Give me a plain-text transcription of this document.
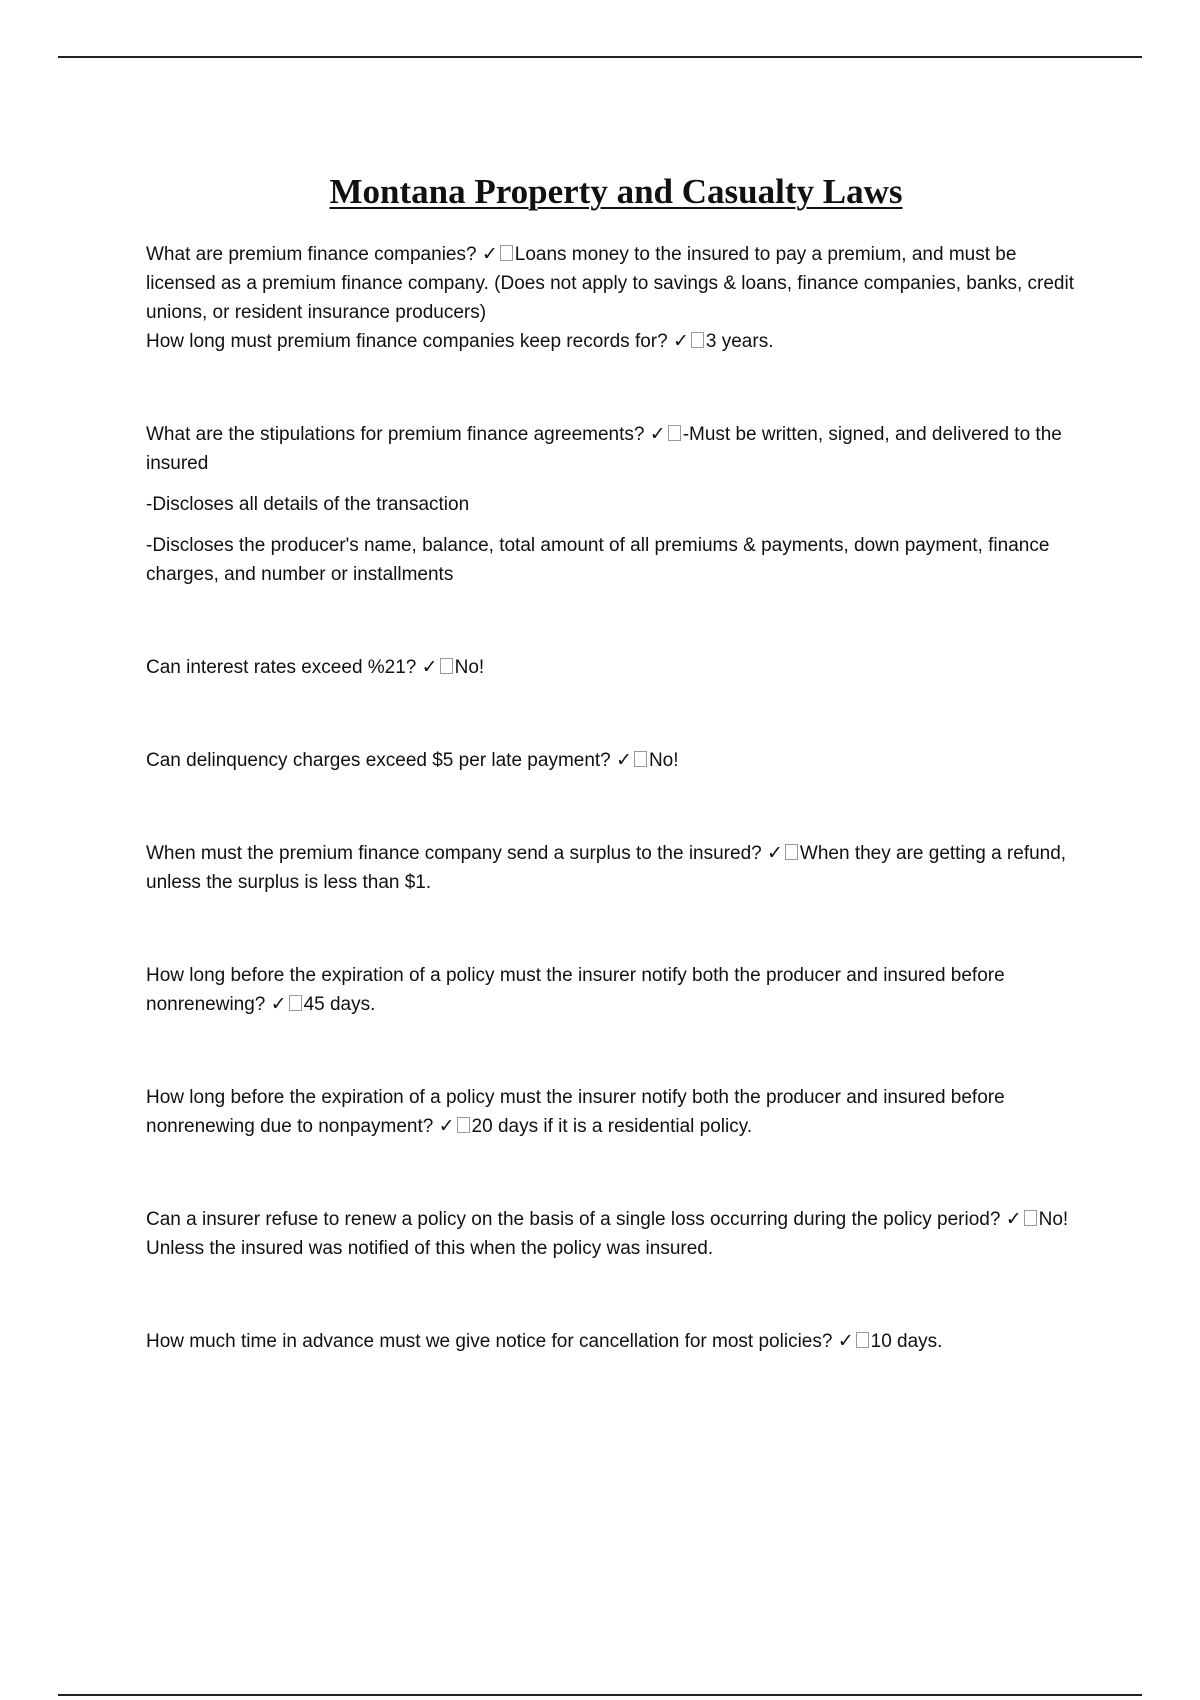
Montana Property and Casualty Laws

What are premium finance companies? ✓ Loans money to the insured to pay a premium, and must be licensed as a premium finance company. (Does not apply to savings & loans, finance companies, banks, credit unions, or resident insurance producers)

How long must premium finance companies keep records for? ✓ 3 years.

What are the stipulations for premium finance agreements? ✓ -Must be written, signed, and delivered to the insured

-Discloses all details of the transaction

-Discloses the producer's name, balance, total amount of all premiums & payments, down payment, finance charges, and number or installments

Can interest rates exceed %21? ✓ No!

Can delinquency charges exceed $5 per late payment? ✓ No!

When must the premium finance company send a surplus to the insured? ✓ When they are getting a refund, unless the surplus is less than $1.

How long before the expiration of a policy must the insurer notify both the producer and insured before nonrenewing? ✓ 45 days.

How long before the expiration of a policy must the insurer notify both the producer and insured before nonrenewing due to nonpayment? ✓ 20 days if it is a residential policy.

Can a insurer refuse to renew a policy on the basis of a single loss occurring during the policy period? ✓ No! Unless the insured was notified of this when the policy was insured.

How much time in advance must we give notice for cancellation for most policies? ✓ 10 days.
